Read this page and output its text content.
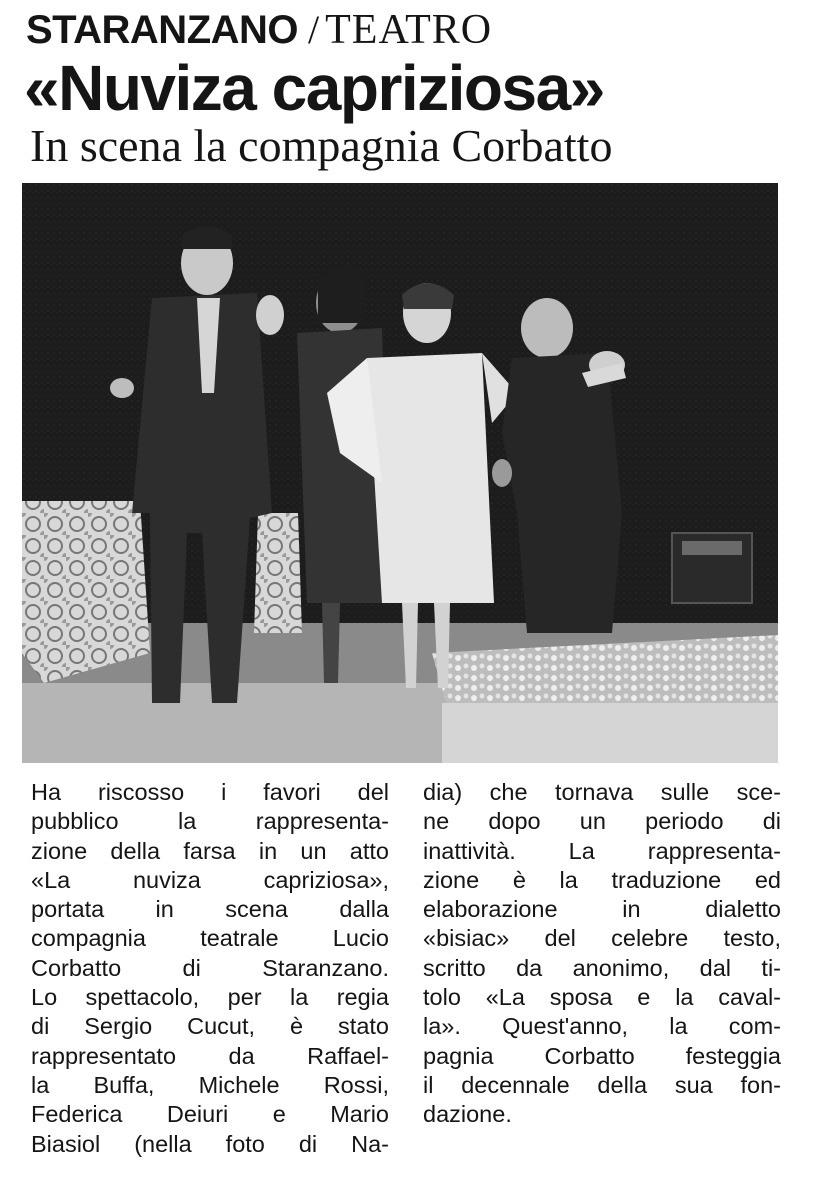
STARANZANO / TEATRO
«Nuviza capriziosa»
In scena la compagnia Corbatto
Ha riscosso i favori del
pubblico la rappresenta-
zione della farsa in un atto
«La nuviza capriziosa»,
portata in scena dalla
compagnia teatrale Lucio
Corbatto di Staranzano.
Lo spettacolo, per la regia
di Sergio Cucut, è stato
rappresentato da Raffael-
la Buffa, Michele Rossi,
Federica Deiuri e Mario
Biasiol (nella foto di Na-
dia) che tornava sulle sce-
ne dopo un periodo di
inattività. La rappresenta-
zione è la traduzione ed
elaborazione in dialetto
«bisiac» del celebre testo,
scritto da anonimo, dal ti-
tolo «La sposa e la caval-
la». Quest'anno, la com-
pagnia Corbatto festeggia
il decennale della sua fon-
dazione.
